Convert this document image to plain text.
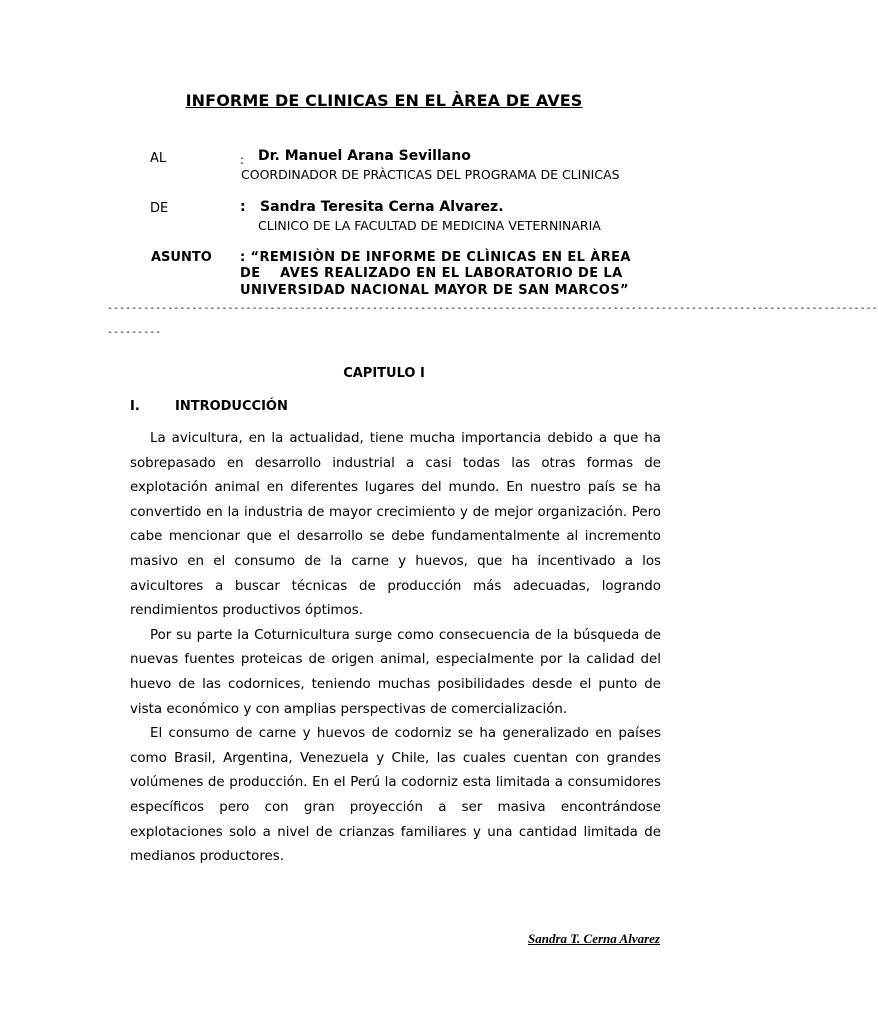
INFORME DE CLINICAS EN EL ÀREA DE AVES
AL	: Dr. Manuel Arana Sevillano
COORDINADOR DE PRÀCTICAS DEL PROGRAMA DE CLINICAS
DE	: Sandra Teresita Cerna Alvarez.
CLINICO DE LA FACULTAD DE MEDICINA VETERNINARIA
ASUNTO : “REMISIÒN DE INFORME DE CLÌNICAS EN EL ÀREA
DE    AVES REALIZADO EN EL LABORATORIO DE LA
UNIVERSIDAD NACIONAL MAYOR DE SAN MARCOS”
--------------------------------------------------------------------------------------------------------------------------------
---------
CAPITULO I
I.	INTRODUCCIÓN

La avicultura, en la actualidad, tiene mucha importancia debido a que ha sobrepasado en desarrollo industrial a casi todas las otras formas de explotación animal en diferentes lugares del mundo. En nuestro país se ha convertido en la industria de mayor crecimiento y de mejor organización. Pero cabe mencionar que el desarrollo se debe fundamentalmente al incremento masivo en el consumo de la carne y huevos, que ha incentivado a los avicultores a buscar técnicas de producción más adecuadas, logrando rendimientos productivos óptimos.

Por su parte la Coturnicultura surge como consecuencia de la búsqueda de nuevas fuentes proteicas de origen animal, especialmente por la calidad del huevo de las codornices, teniendo muchas posibilidades desde el punto de vista económico y con amplias perspectivas de comercialización.

El consumo de carne y huevos de codorniz se ha generalizado en países como Brasil, Argentina, Venezuela y Chile, las cuales cuentan con grandes volúmenes de producción. En el Perú la codorniz esta limitada a consumidores específicos pero con gran proyección a ser masiva encontrándose explotaciones solo a nivel de crianzas familiares y una cantidad limitada de medianos productores.

Sandra T. Cerna Alvarez
